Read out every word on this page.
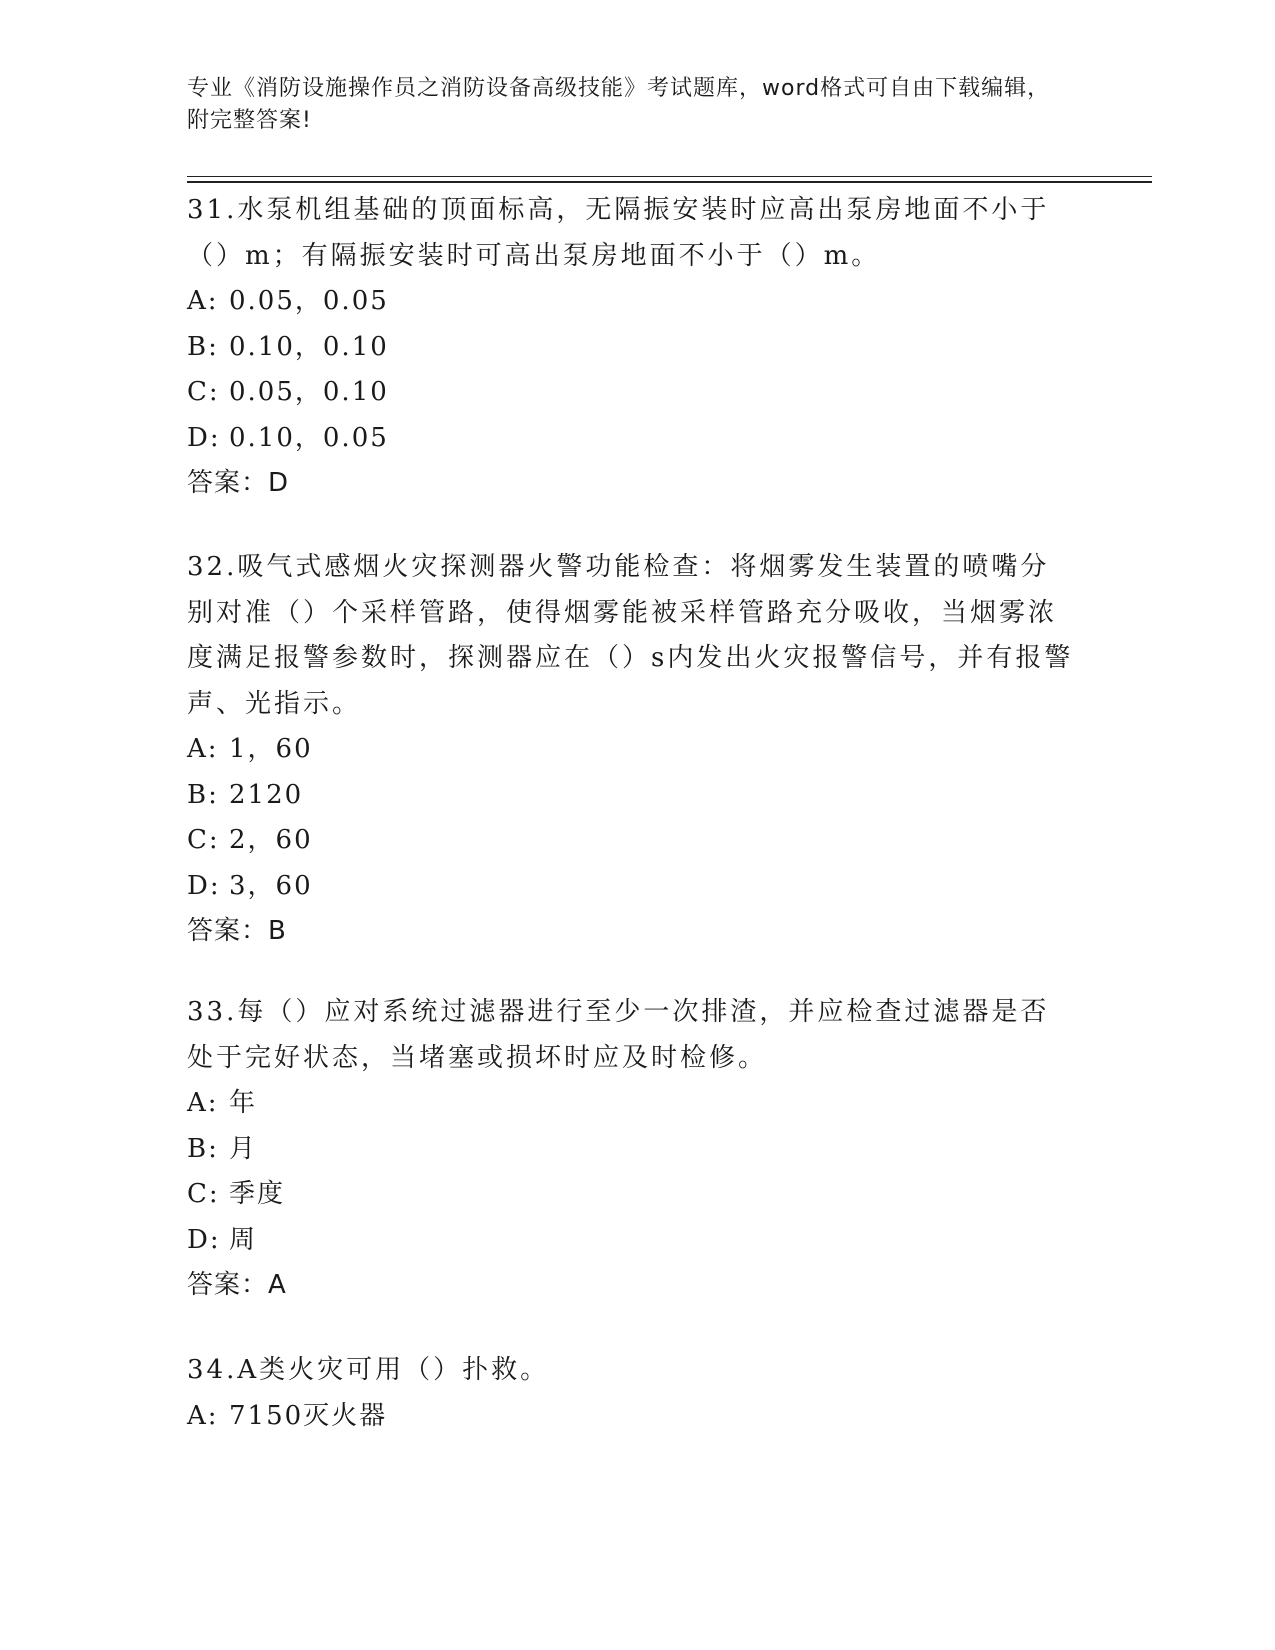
专业《消防设施操作员之消防设备高级技能》考试题库，word格式可自由下载编辑，附完整答案!

31.水泵机组基础的顶面标高，无隔振安装时应高出泵房地面不小于（）m；有隔振安装时可高出泵房地面不小于（）m。

A: 0.05，0.05
B: 0.10，0.10
C: 0.05，0.10
D: 0.10，0.05
答案：D

32.吸气式感烟火灾探测器火警功能检查：将烟雾发生装置的喷嘴分别对准（）个采样管路，使得烟雾能被采样管路充分吸收，当烟雾浓度满足报警参数时，探测器应在（）s内发出火灾报警信号，并有报警声、光指示。

A: 1，60
B: 2120
C: 2，60
D: 3，60
答案：B

33.每（）应对系统过滤器进行至少一次排渣，并应检查过滤器是否处于完好状态，当堵塞或损坏时应及时检修。

A: 年
B: 月
C: 季度
D: 周
答案：A

34.A类火灾可用（）扑救。

A: 7150灭火器
